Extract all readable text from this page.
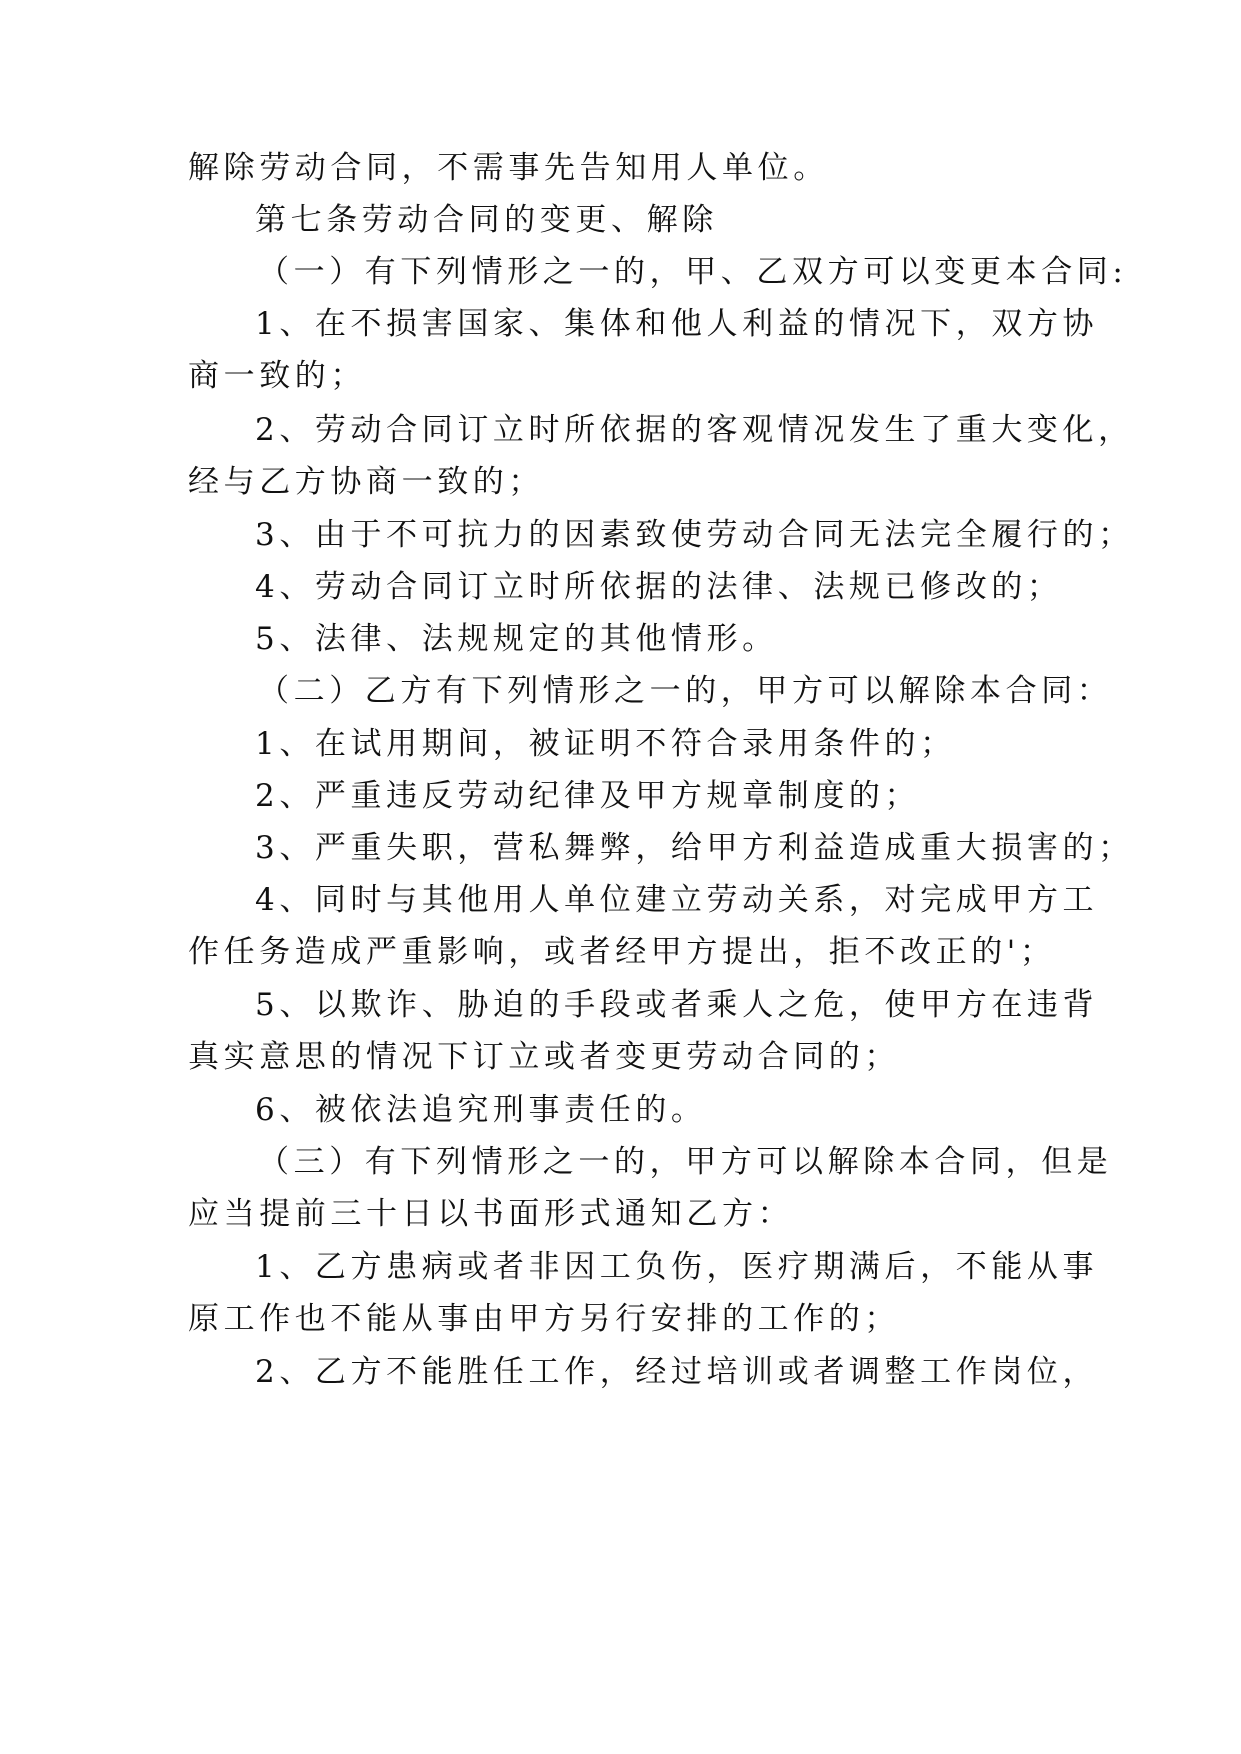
解除劳动合同，不需事先告知用人单位。
第七条劳动合同的变更、解除
（一）有下列情形之一的，甲、乙双方可以变更本合同:
1、在不损害国家、集体和他人利益的情况下，双方协
商一致的；
2、劳动合同订立时所依据的客观情况发生了重大变化，
经与乙方协商一致的；
3、由于不可抗力的因素致使劳动合同无法完全履行的；
4、劳动合同订立时所依据的法律、法规已修改的；
5、法律、法规规定的其他情形。
（二）乙方有下列情形之一的，甲方可以解除本合同：
1、在试用期间，被证明不符合录用条件的；
2、严重违反劳动纪律及甲方规章制度的；
3、严重失职，营私舞弊，给甲方利益造成重大损害的；
4、同时与其他用人单位建立劳动关系，对完成甲方工
作任务造成严重影响，或者经甲方提出，拒不改正的'；
5、以欺诈、胁迫的手段或者乘人之危，使甲方在违背
真实意思的情况下订立或者变更劳动合同的；
6、被依法追究刑事责任的。
（三）有下列情形之一的，甲方可以解除本合同，但是
应当提前三十日以书面形式通知乙方：
1、乙方患病或者非因工负伤，医疗期满后，不能从事
原工作也不能从事由甲方另行安排的工作的；
2、乙方不能胜任工作，经过培训或者调整工作岗位，
